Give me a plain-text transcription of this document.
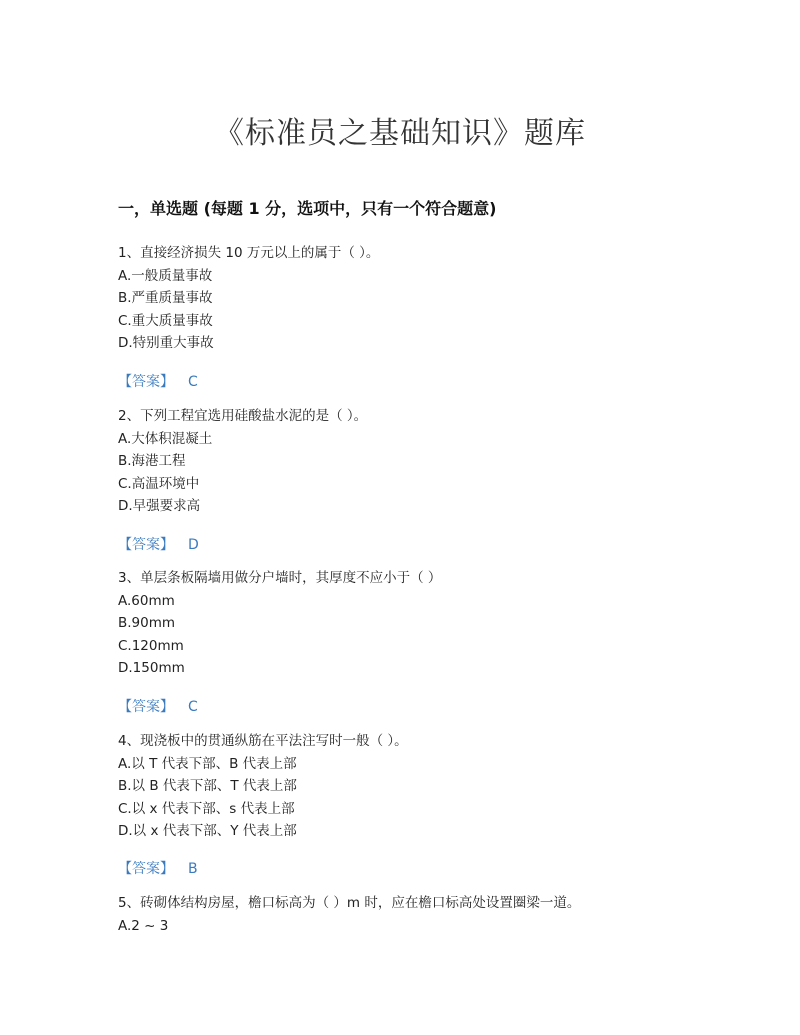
《标准员之基础知识》题库
一，单选题 (每题 1 分，选项中，只有一个符合题意)
1、直接经济损失 10 万元以上的属于（ ）。
A.一般质量事故
B.严重质量事故
C.重大质量事故
D.特别重大事故
【答案】 C
2、下列工程宜选用硅酸盐水泥的是（ ）。
A.大体积混凝土
B.海港工程
C.高温环境中
D.早强要求高
【答案】 D
3、单层条板隔墙用做分户墙时，其厚度不应小于（ ）
A.60mm
B.90mm
C.120mm
D.150mm
【答案】 C
4、现浇板中的贯通纵筋在平法注写时一般（ ）。
A.以 T 代表下部、B 代表上部
B.以 B 代表下部、T 代表上部
C.以 x 代表下部、s 代表上部
D.以 x 代表下部、Y 代表上部
【答案】 B
5、砖砌体结构房屋，檐口标高为（ ）m 时，应在檐口标高处设置圈梁一道。
A.2 ~ 3
